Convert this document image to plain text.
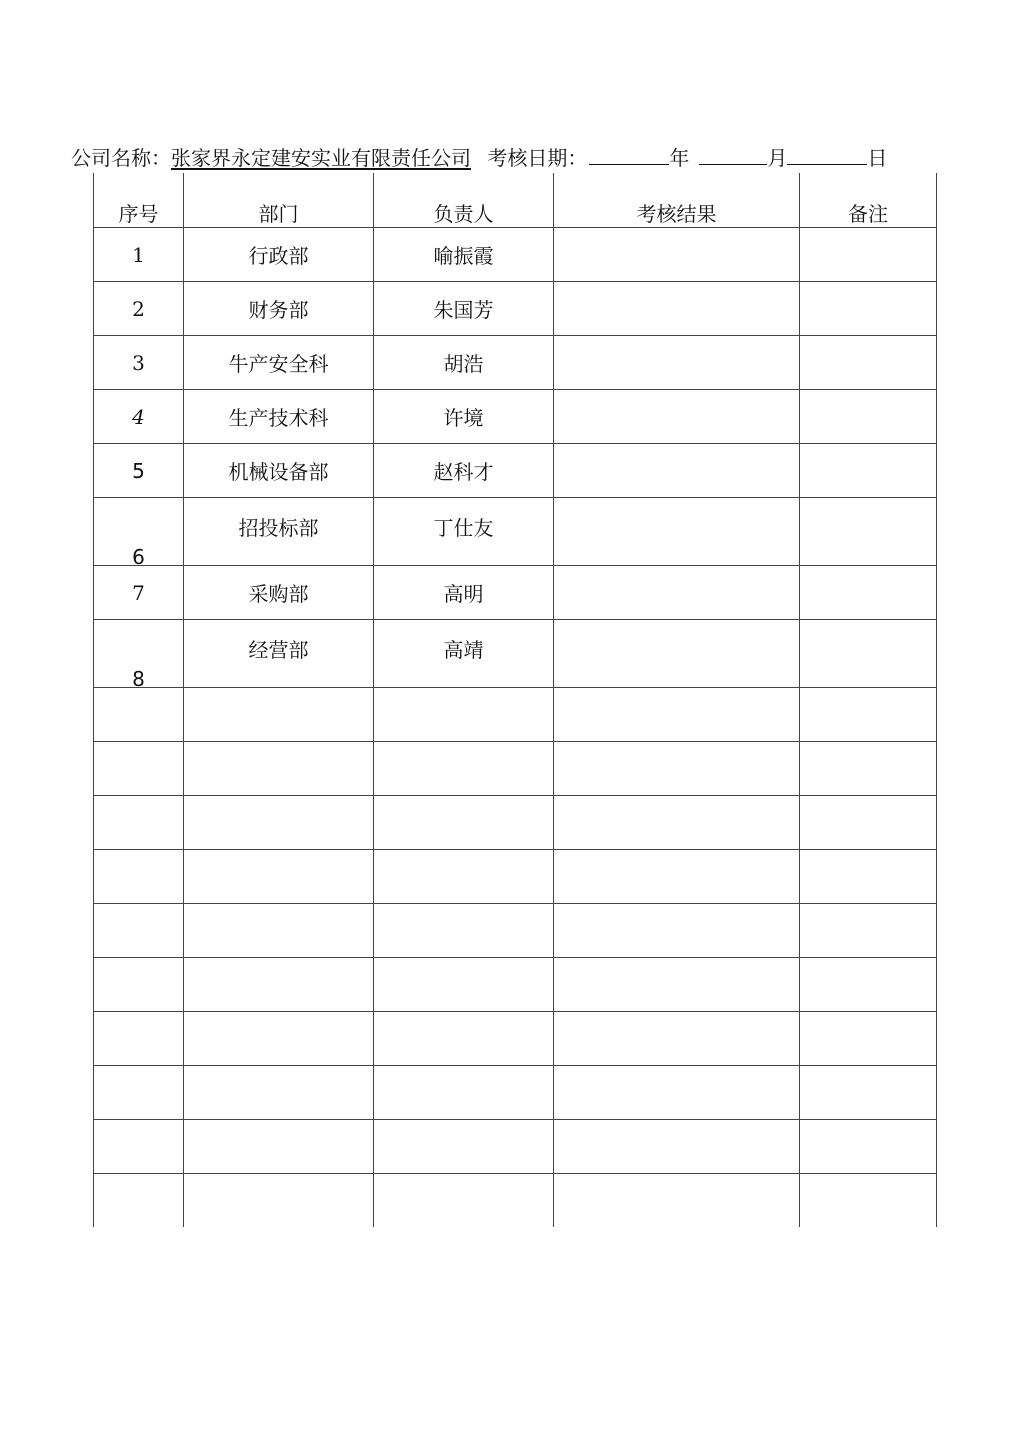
公司名称：张家界永定建安实业有限责任公司 考核日期：	年	月	日
序号	部门	负责人	考核结果	备注
1	行政部	喻振霞		
2	财务部	朱国芳		
3	牛产安全科	胡浩		
4	生产技术科	许境		
5	机械设备部	赵科才		
6	招投标部	丁仕友		
7	采购部	高明		
8	经营部	高靖		
